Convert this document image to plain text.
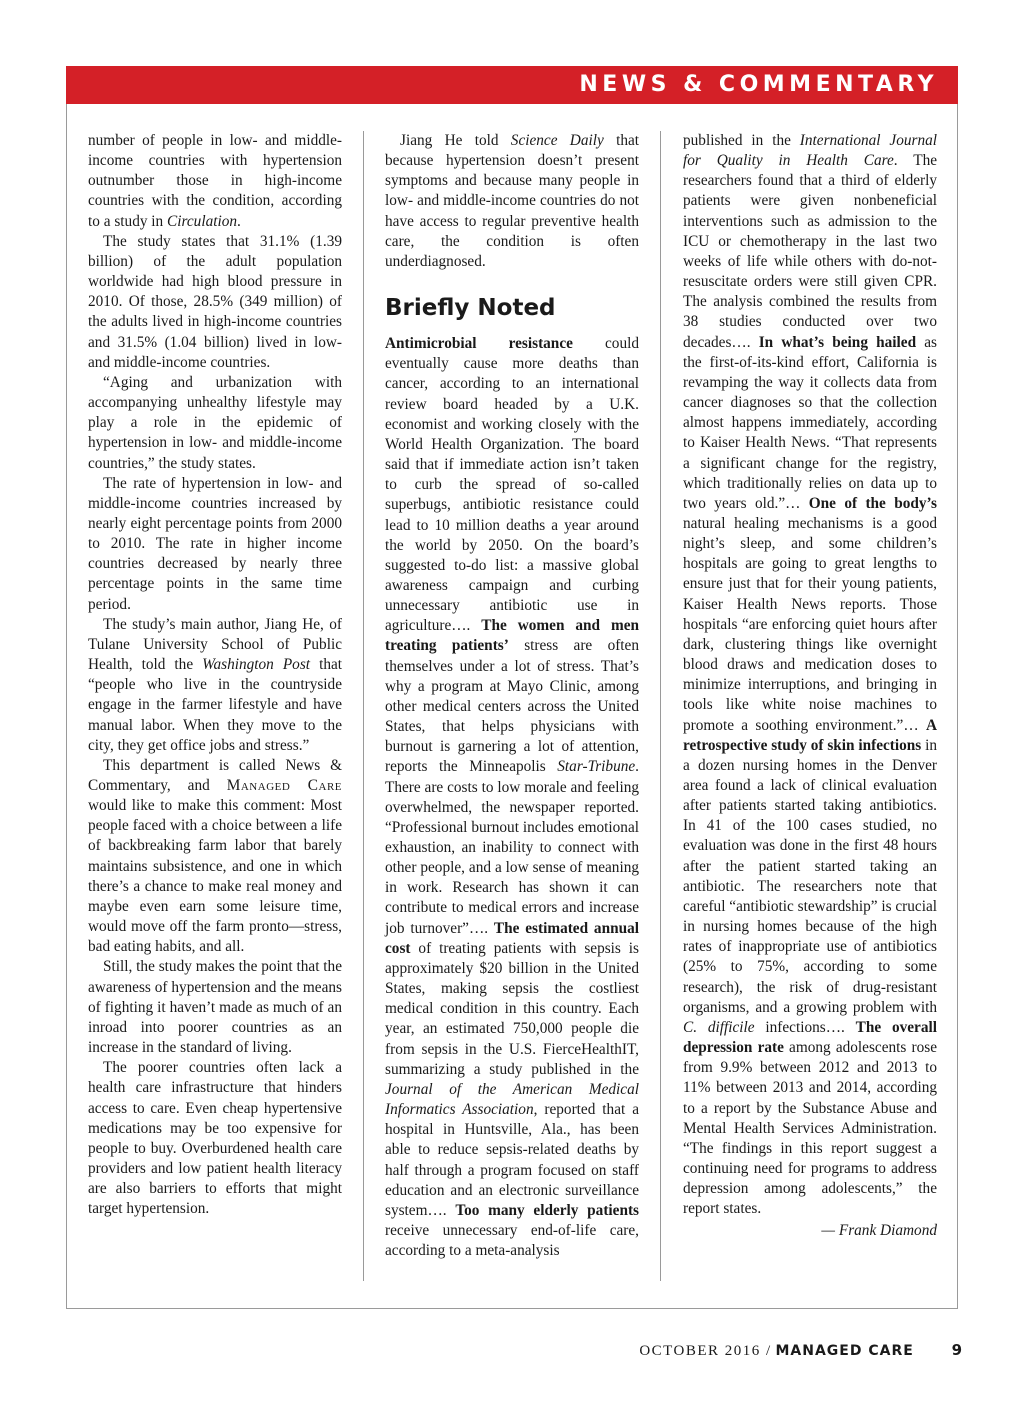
NEWS & COMMENTARY

number of people in low- and middle-income countries with hypertension outnumber those in high-income countries with the condition, according to a study in Circulation.

The study states that 31.1% (1.39 billion) of the adult population worldwide had high blood pressure in 2010. Of those, 28.5% (349 million) of the adults lived in high-income countries and 31.5% (1.04 billion) lived in low- and middle-income countries.

“Aging and urbanization with accompanying unhealthy lifestyle may play a role in the epidemic of hypertension in low- and middle-income countries,” the study states.

The rate of hypertension in low- and middle-income countries increased by nearly eight percentage points from 2000 to 2010. The rate in higher income countries decreased by nearly three percentage points in the same time period.

The study’s main author, Jiang He, of Tulane University School of Public Health, told the Washington Post that “people who live in the countryside engage in the farmer lifestyle and have manual labor. When they move to the city, they get office jobs and stress.”

This department is called News & Commentary, and Managed Care would like to make this comment: Most people faced with a choice between a life of backbreaking farm labor that barely maintains subsistence, and one in which there’s a chance to make real money and maybe even earn some leisure time, would move off the farm pronto—stress, bad eating habits, and all.

Still, the study makes the point that the awareness of hypertension and the means of fighting it haven’t made as much of an inroad into poorer countries as an increase in the standard of living.

The poorer countries often lack a health care infrastructure that hinders access to care. Even cheap hypertensive medications may be too expensive for people to buy. Overburdened health care providers and low patient health literacy are also barriers to efforts that might target hypertension.

Jiang He told Science Daily that because hypertension doesn’t present symptoms and because many people in low- and middle-income countries do not have access to regular preventive health care, the condition is often underdiagnosed.

Briefly Noted

Antimicrobial resistance could eventually cause more deaths than cancer, according to an international review board headed by a U.K. economist and working closely with the World Health Organization. The board said that if immediate action isn’t taken to curb the spread of so-called superbugs, antibiotic resistance could lead to 10 million deaths a year around the world by 2050. On the board’s suggested to-do list: a massive global awareness campaign and curbing unnecessary antibiotic use in agriculture…. The women and men treating patients’ stress are often themselves under a lot of stress. That’s why a program at Mayo Clinic, among other medical centers across the United States, that helps physicians with burnout is garnering a lot of attention, reports the Minneapolis Star-Tribune. There are costs to low morale and feeling overwhelmed, the newspaper reported. “Professional burnout includes emotional exhaustion, an inability to connect with other people, and a low sense of meaning in work. Research has shown it can contribute to medical errors and increase job turnover”…. The estimated annual cost of treating patients with sepsis is approximately $20 billion in the United States, making sepsis the costliest medical condition in this country. Each year, an estimated 750,000 people die from sepsis in the U.S. FierceHealthIT, summarizing a study published in the Journal of the American Medical Informatics Association, reported that a hospital in Huntsville, Ala., has been able to reduce sepsis-related deaths by half through a program focused on staff education and an electronic surveillance system…. Too many elderly patients receive unnecessary end-of-life care, according to a meta-analysis

published in the International Journal for Quality in Health Care. The researchers found that a third of elderly patients were given nonbeneficial interventions such as admission to the ICU or chemotherapy in the last two weeks of life while others with do-not-resuscitate orders were still given CPR. The analysis combined the results from 38 studies conducted over two decades…. In what’s being hailed as the first-of-its-kind effort, California is revamping the way it collects data from cancer diagnoses so that the collection almost happens immediately, according to Kaiser Health News. “That represents a significant change for the registry, which traditionally relies on data up to two years old.”… One of the body’s natural healing mechanisms is a good night’s sleep, and some children’s hospitals are going to great lengths to ensure just that for their young patients, Kaiser Health News reports. Those hospitals “are enforcing quiet hours after dark, clustering things like overnight blood draws and medication doses to minimize interruptions, and bringing in tools like white noise machines to promote a soothing environment.”… A retrospective study of skin infections in a dozen nursing homes in the Denver area found a lack of clinical evaluation after patients started taking antibiotics. In 41 of the 100 cases studied, no evaluation was done in the first 48 hours after the patient started taking an antibiotic. The researchers note that careful “antibiotic stewardship” is crucial in nursing homes because of the high rates of inappropriate use of antibiotics (25% to 75%, according to some research), the risk of drug-resistant organisms, and a growing problem with C. difficile infections…. The overall depression rate among adolescents rose from 9.9% between 2012 and 2013 to 11% between 2013 and 2014, according to a report by the Substance Abuse and Mental Health Services Administration. “The findings in this report suggest a continuing need for programs to address depression among adolescents,” the report states.

— Frank Diamond
OCTOBER 2016 / MANAGED CARE	9
